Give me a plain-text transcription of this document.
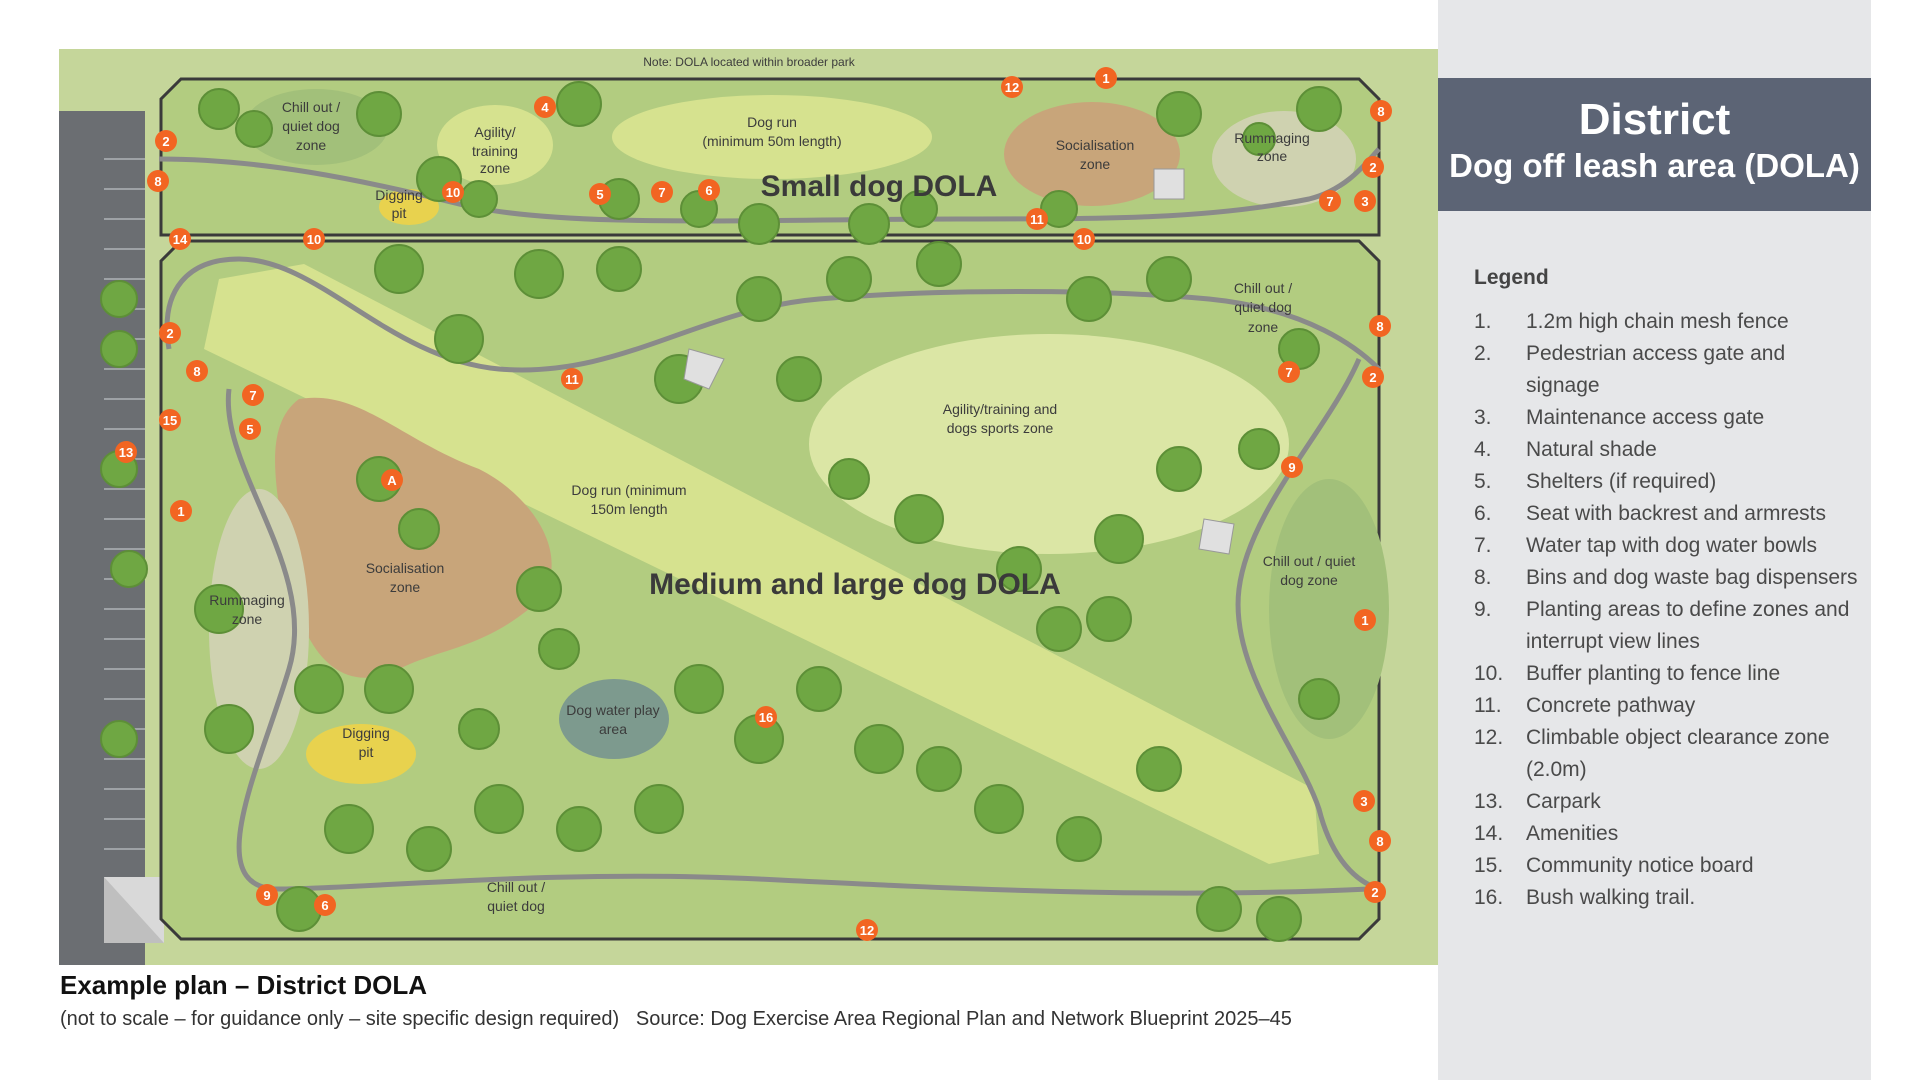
Note: DOLA located within broader park
Small dog DOLA
Medium and large dog DOLA
Chill out /
quiet dog
zone
Agility/
training
zone
Digging
pit
Dog run
(minimum 50m length)	Socialisation
zone
Rummaging
zone
Chill out /
quiet dog
zone
Agility/training and
dogs sports zone
Dog run (minimum
150m length
Socialisation
zone
Rummaging
zone
Chill out / quiet
dog zone
Digging
pit
Dog water play
area
Chill out /
quiet dog
1
12
4
2
8
10	5	7	6
11
10
10
14
8
2
7 3
2
8
7
15
5
13
1
A
11
8
7	2
9
1
16
3
8
2
9
6
12
District
Dog off leash area (DOLA)
Legend
1.	1.2m high chain mesh fence
2.	Pedestrian access gate and signage
3.	Maintenance access gate
4.	Natural shade
5.	Shelters (if required)
6.	Seat with backrest and armrests
7.	Water tap with dog water bowls
8.	Bins and dog waste bag dispensers
9.	Planting areas to define zones and interrupt view lines
10.	Buffer planting to fence line
11.	Concrete pathway
12.	Climbable object clearance zone (2.0m)
13.	Carpark
14.	Amenities
15.	Community notice board
16.	Bush walking trail.
Example plan – District DOLA
(not to scale – for guidance only – site specific design required) Source: Dog Exercise Area Regional Plan and Network Blueprint 2025–45
